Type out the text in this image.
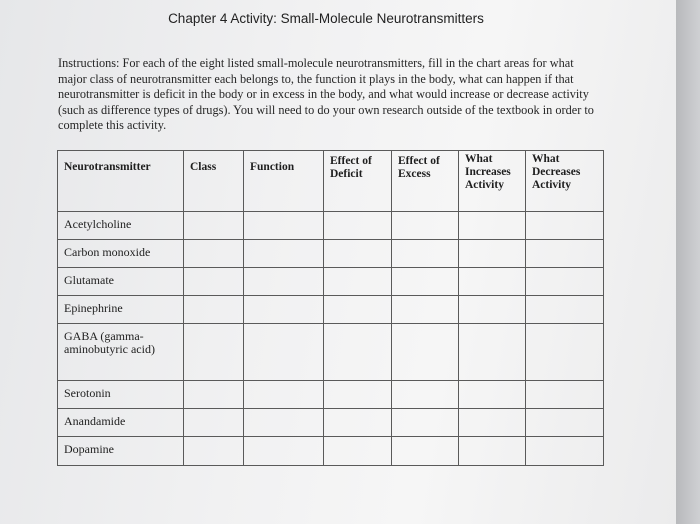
Chapter 4 Activity: Small-Molecule Neurotransmitters
Instructions: For each of the eight listed small-molecule neurotransmitters, fill in the chart areas for what major class of neurotransmitter each belongs to, the function it plays in the body, what can happen if that neurotransmitter is deficit in the body or in excess in the body, and what would increase or decrease activity (such as difference types of drugs). You will need to do your own research outside of the textbook in order to complete this activity.
Neurotransmitter	Class	Function	Effect of Deficit	Effect of Excess	What Increases Activity	What Decreases Activity
Acetylcholine						
Carbon monoxide						
Glutamate						
Epinephrine						
GABA (gamma-aminobutyric acid)						
Serotonin						
Anandamide						
Dopamine						
